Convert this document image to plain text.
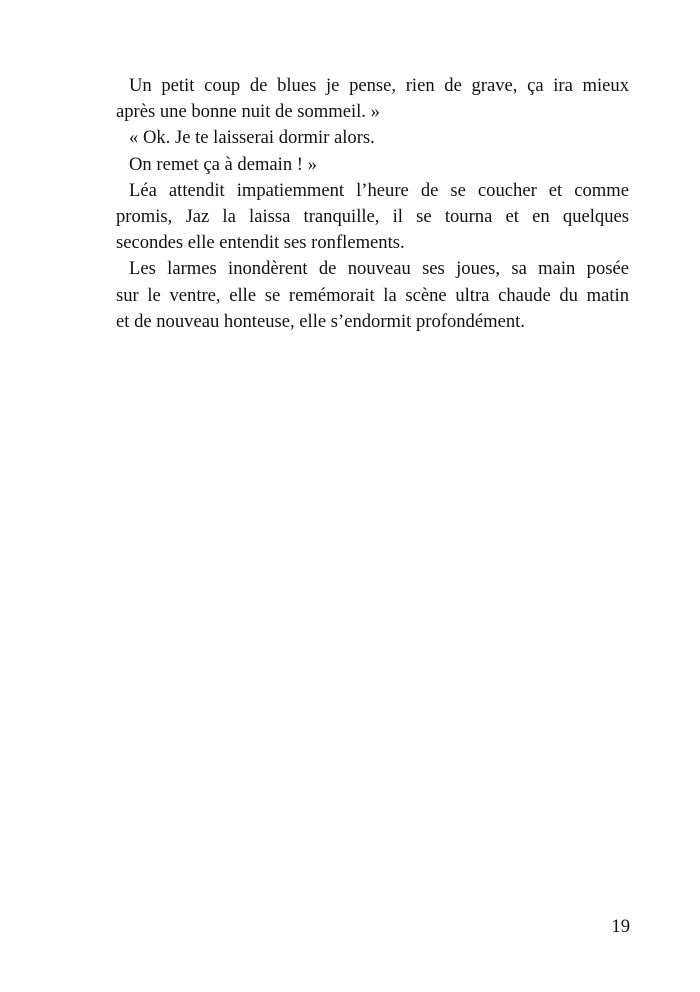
Un petit coup de blues je pense, rien de grave, ça ira mieux
après une bonne nuit de sommeil. »
« Ok. Je te laisserai dormir alors.
On remet ça à demain ! »
Léa attendit impatiemment l’heure de se coucher et comme
promis, Jaz la laissa tranquille, il se tourna et en quelques
secondes elle entendit ses ronflements.
Les larmes inondèrent de nouveau ses joues, sa main posée
sur le ventre, elle se remémorait la scène ultra chaude du matin
et de nouveau honteuse, elle s’endormit profondément.
19
